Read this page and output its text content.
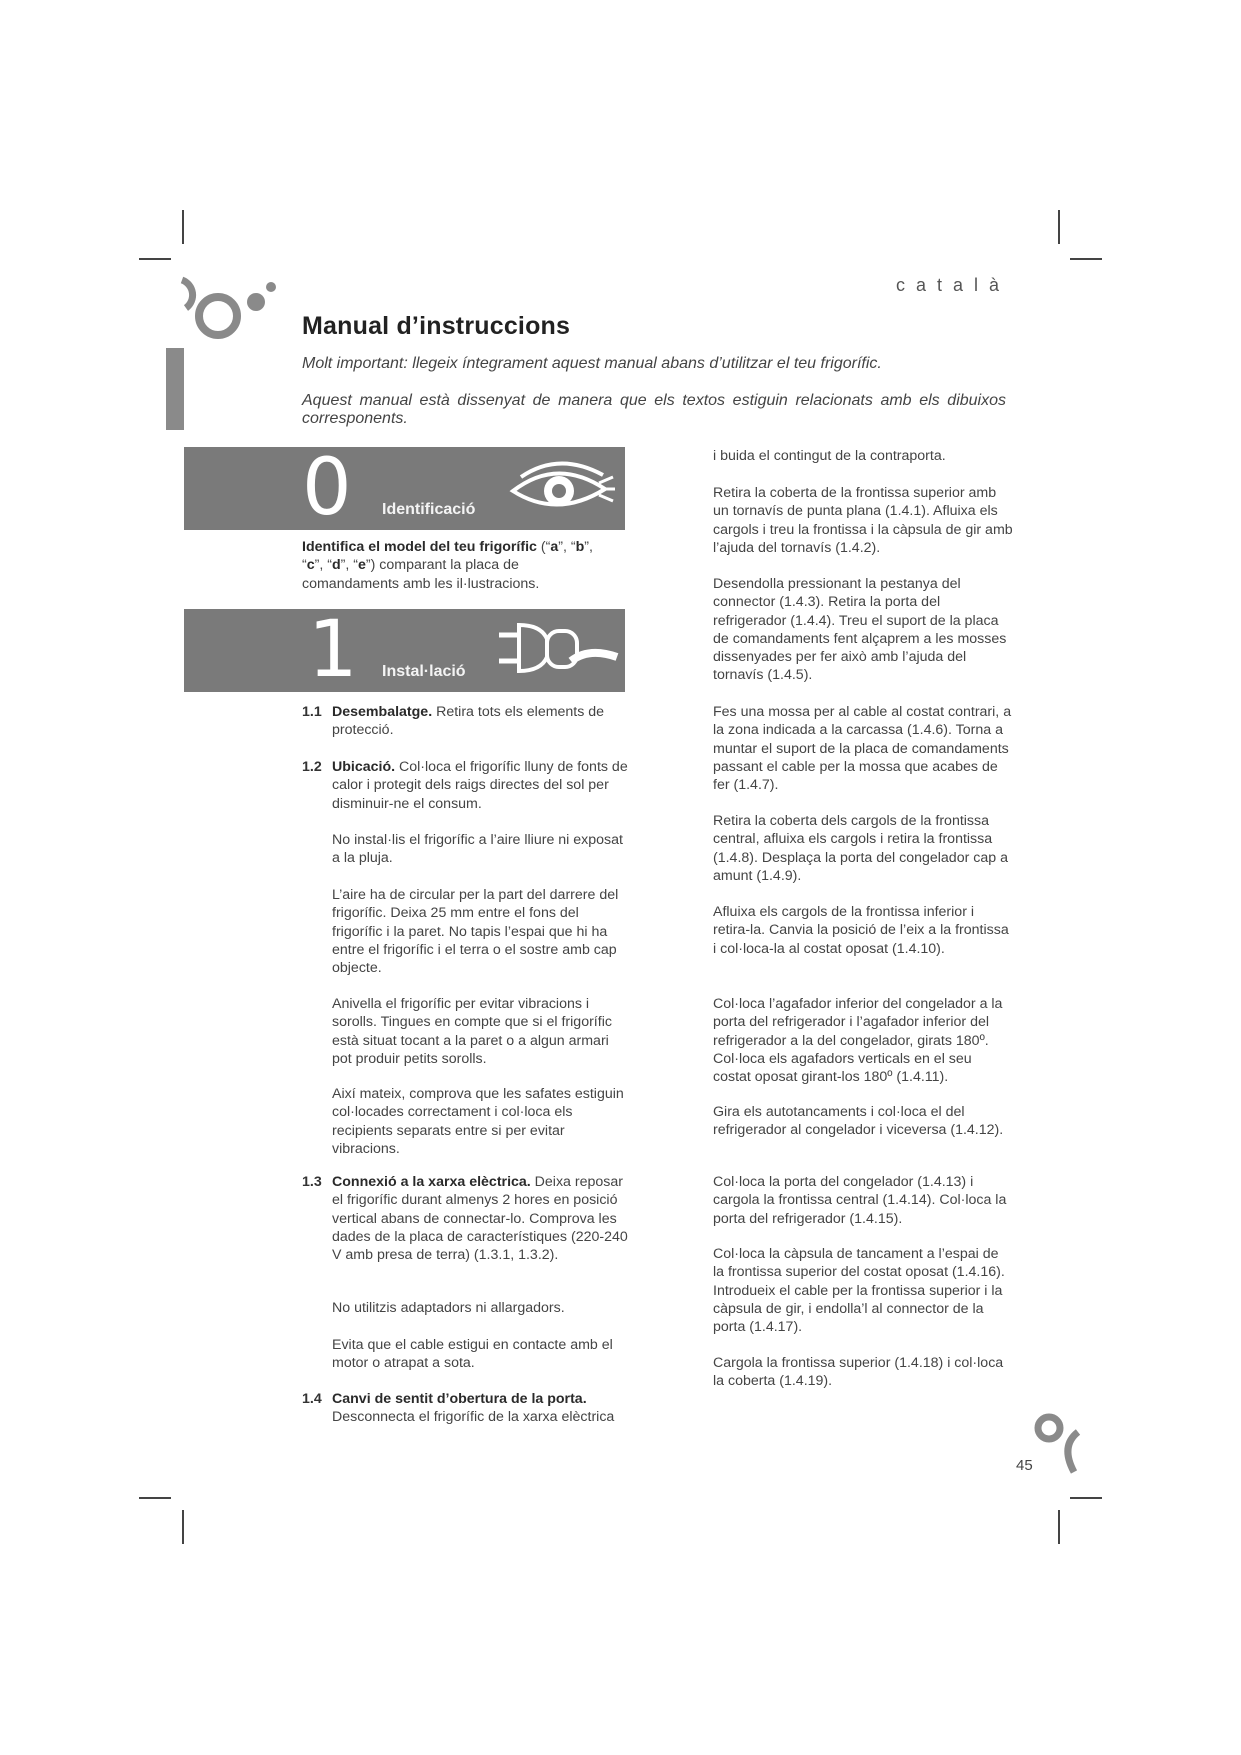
català
Manual d’instruccions

Molt important: llegeix íntegrament aquest manual abans d’utilitzar el teu frigorífic.

Aquest manual està dissenyat de manera que els textos estiguin relacionats amb els dibuixos corresponents.

0 Identificació

Identifica el model del teu frigorífic (“a”, “b”, “c”, “d”, “e”) comparant la placa de comandaments amb les il·lustracions.

1 Instal·lació
1.1 Desembalatge. Retira tots els elements de protecció.

1.2 Ubicació. Col·loca el frigorífic lluny de fonts de calor i protegit dels raigs directes del sol per disminuir-ne el consum.

No instal·lis el frigorífic a l’aire lliure ni exposat a la pluja.

L’aire ha de circular per la part del darrere del frigorífic. Deixa 25 mm entre el fons del frigorífic i la paret. No tapis l’espai que hi ha entre el frigorífic i el terra o el sostre amb cap objecte.

Anivella el frigorífic per evitar vibracions i sorolls. Tingues en compte que si el frigorífic està situat tocant a la paret o a algun armari pot produir petits sorolls.

Així mateix, comprova que les safates estiguin col·locades correctament i col·loca els recipients separats entre si per evitar vibracions.

1.3 Connexió a la xarxa elèctrica. Deixa reposar el frigorífic durant almenys 2 hores en posició vertical abans de connectar-lo. Comprova les dades de la placa de característiques (220-240 V amb presa de terra) (1.3.1, 1.3.2).

No utilitzis adaptadors ni allargadors.

Evita que el cable estigui en contacte amb el motor o atrapat a sota.

1.4 Canvi de sentit d’obertura de la porta.
Desconnecta el frigorífic de la xarxa elèctrica

i buida el contingut de la contraporta.

Retira la coberta de la frontissa superior amb un tornavís de punta plana (1.4.1). Afluixa els cargols i treu la frontissa i la càpsula de gir amb l’ajuda del tornavís (1.4.2).

Desendolla pressionant la pestanya del connector (1.4.3). Retira la porta del refrigerador (1.4.4). Treu el suport de la placa de comandaments fent alçaprem a les mosses dissenyades per fer això amb l’ajuda del tornavís (1.4.5).

Fes una mossa per al cable al costat contrari, a la zona indicada a la carcassa (1.4.6). Torna a muntar el suport de la placa de comandaments passant el cable per la mossa que acabes de fer (1.4.7).

Retira la coberta dels cargols de la frontissa central, afluixa els cargols i retira la frontissa (1.4.8). Desplaça la porta del congelador cap a amunt (1.4.9).

Afluixa els cargols de la frontissa inferior i retira-la. Canvia la posició de l’eix a la frontissa i col·loca-la al costat oposat (1.4.10).

Col·loca l’agafador inferior del congelador a la porta del refrigerador i l’agafador inferior del refrigerador a la del congelador, girats 180º. Col·loca els agafadors verticals en el seu costat oposat girant-los 180º (1.4.11).

Gira els autotancaments i col·loca el del refrigerador al congelador i viceversa (1.4.12).

Col·loca la porta del congelador (1.4.13) i cargola la frontissa central (1.4.14). Col·loca la porta del refrigerador (1.4.15).

Col·loca la càpsula de tancament a l’espai de la frontissa superior del costat oposat (1.4.16). Introdueix el cable per la frontissa superior i la càpsula de gir, i endolla’l al connector de la porta (1.4.17).

Cargola la frontissa superior (1.4.18) i col·loca la coberta (1.4.19).

45
